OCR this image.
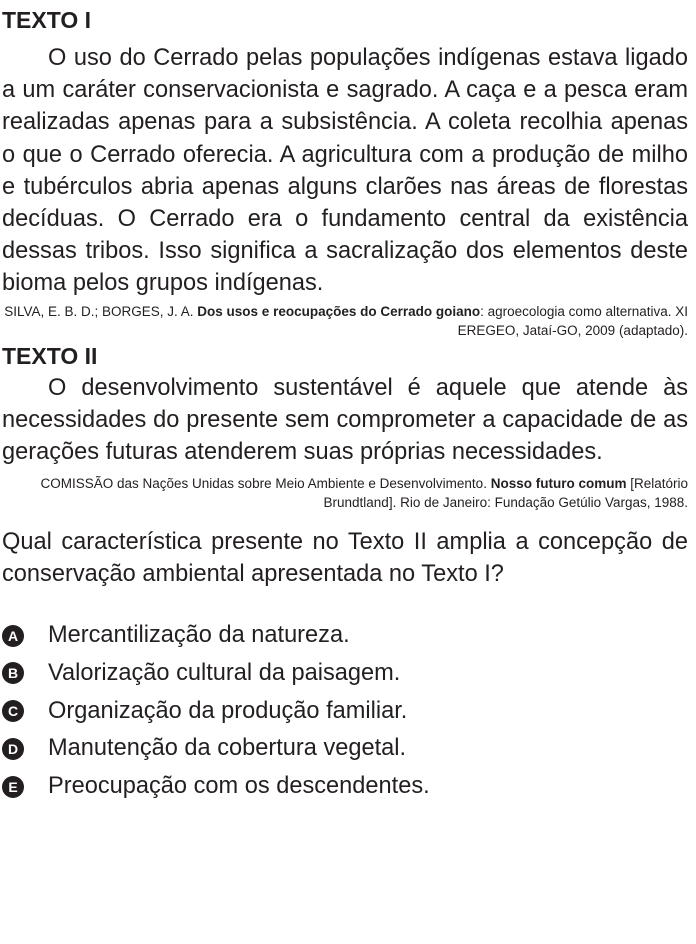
TEXTO I

O uso do Cerrado pelas populações indígenas estava ligado a um caráter conservacionista e sagrado. A caça e a pesca eram realizadas apenas para a subsistência. A coleta recolhia apenas o que o Cerrado oferecia. A agricultura com a produção de milho e tubérculos abria apenas alguns clarões nas áreas de florestas decíduas. O Cerrado era o fundamento central da existência dessas tribos. Isso significa a sacralização dos elementos deste bioma pelos grupos indígenas.

SILVA, E. B. D.; BORGES, J. A. Dos usos e reocupações do Cerrado goiano: agroecologia como alternativa. XI EREGEO, Jataí-GO, 2009 (adaptado).

TEXTO II

O desenvolvimento sustentável é aquele que atende às necessidades do presente sem comprometer a capacidade de as gerações futuras atenderem suas próprias necessidades.

COMISSÃO das Nações Unidas sobre Meio Ambiente e Desenvolvimento. Nosso futuro comum [Relatório Brundtland]. Rio de Janeiro: Fundação Getúlio Vargas, 1988.

Qual característica presente no Texto II amplia a concepção de conservação ambiental apresentada no Texto I?

A Mercantilização da natureza.
B Valorização cultural da paisagem.
C Organização da produção familiar.
D Manutenção da cobertura vegetal.
E Preocupação com os descendentes.
